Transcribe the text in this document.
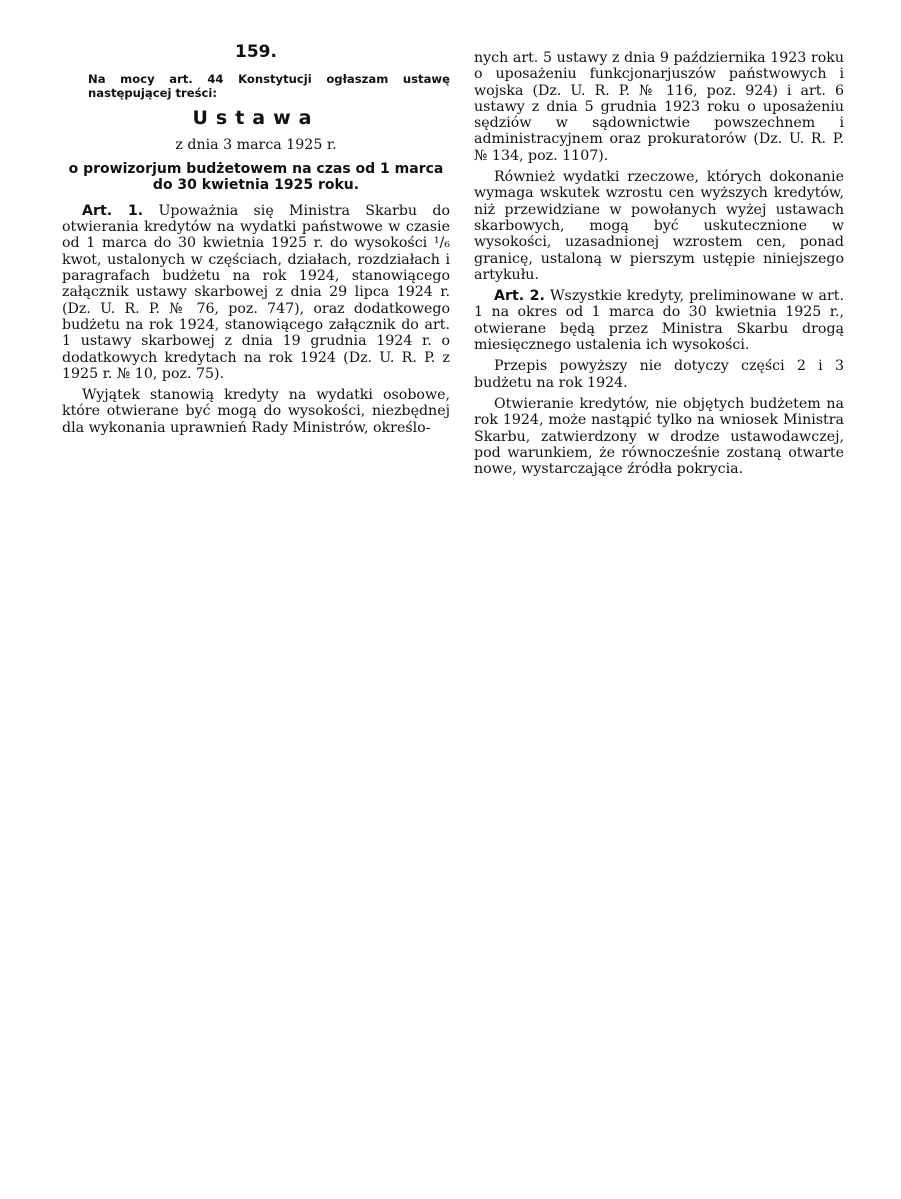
159.
Na mocy art. 44 Konstytucji ogłaszam ustawę następującej treści:
Ustawa
z dnia 3 marca 1925 r.
o prowizorjum budżetowem na czas od 1 marca do 30 kwietnia 1925 roku.

Art. 1. Upoważnia się Ministra Skarbu do otwierania kredytów na wydatki państwowe w czasie od 1 marca do 30 kwietnia 1925 r. do wysokości ¹/₆ kwot, ustalonych w częściach, działach, rozdziałach i paragrafach budżetu na rok 1924, stanowiącego załącznik ustawy skarbowej z dnia 29 lipca 1924 r. (Dz. U. R. P. № 76, poz. 747), oraz dodatkowego budżetu na rok 1924, stanowiącego załącznik do art. 1 ustawy skarbowej z dnia 19 grudnia 1924 r. o dodatkowych kredytach na rok 1924 (Dz. U. R. P. z 1925 r. № 10, poz. 75).

Wyjątek stanowią kredyty na wydatki osobowe, które otwierane być mogą do wysokości, niezbędnej dla wykonania uprawnień Rady Ministrów, określo-

nych art. 5 ustawy z dnia 9 października 1923 roku o uposażeniu funkcjonarjuszów państwowych i wojska (Dz. U. R. P. № 116, poz. 924) i art. 6 ustawy z dnia 5 grudnia 1923 roku o uposażeniu sędziów w sądownictwie powszechnem i administracyjnem oraz prokuratorów (Dz. U. R. P. № 134, poz. 1107).

Również wydatki rzeczowe, których dokonanie wymaga wskutek wzrostu cen wyższych kredytów, niż przewidziane w powołanych wyżej ustawach skarbowych, mogą być uskutecznione w wysokości, uzasadnionej wzrostem cen, ponad granicę, ustaloną w pierszym ustępie niniejszego artykułu.

Art. 2. Wszystkie kredyty, preliminowane w art. 1 na okres od 1 marca do 30 kwietnia 1925 r., otwierane będą przez Ministra Skarbu drogą miesięcznego ustalenia ich wysokości.

Przepis powyższy nie dotyczy części 2 i 3 budżetu na rok 1924.

Otwieranie kredytów, nie objętych budżetem na rok 1924, może nastąpić tylko na wniosek Ministra Skarbu, zatwierdzony w drodze ustawodawczej, pod warunkiem, że równocześnie zostaną otwarte nowe, wystarczające źródła pokrycia.
